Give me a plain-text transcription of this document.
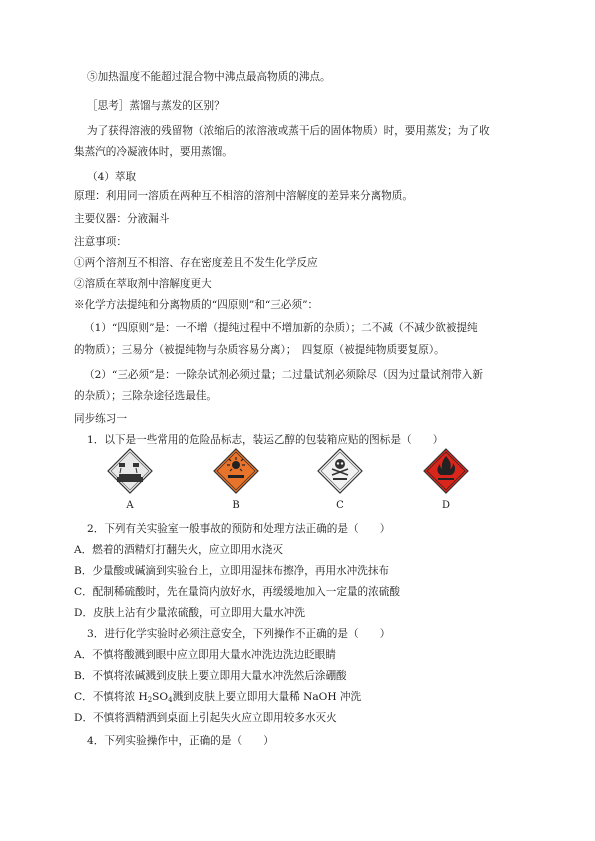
⑤加热温度不能超过混合物中沸点最高物质的沸点。
［思考］蒸馏与蒸发的区别？
为了获得溶液的残留物（浓缩后的浓溶液或蒸干后的固体物质）时，要用蒸发；为了收
集蒸汽的冷凝液体时，要用蒸馏。
（4）萃取
原理：利用同一溶质在两种互不相溶的溶剂中溶解度的差异来分离物质。
主要仪器：分液漏斗
注意事项：
①两个溶剂互不相溶、存在密度差且不发生化学反应
②溶质在萃取剂中溶解度更大
※化学方法提纯和分离物质的“四原则”和“三必须”：
（1）“四原则”是：一不增（提纯过程中不增加新的杂质）；二不减（不减少欲被提纯
的物质）；三易分（被提纯物与杂质容易分离）；　四复原（被提纯物质要复原）。
（2）“三必须”是：一除杂试剂必须过量；二过量试剂必须除尽（因为过量试剂带入新
的杂质）；三除杂途径选最佳。
同步练习一
1．以下是一些常用的危险品标志，装运乙醇的包装箱应贴的图标是（　　）
A	B	C	D
2．下列有关实验室一般事故的预防和处理方法正确的是（　　）
A．燃着的酒精灯打翻失火，应立即用水浇灭
B．少量酸或碱滴到实验台上，立即用湿抹布擦净，再用水冲洗抹布
C．配制稀硫酸时，先在量筒内放好水，再缓缓地加入一定量的浓硫酸
D．皮肤上沾有少量浓硫酸，可立即用大量水冲洗
3．进行化学实验时必须注意安全，下列操作不正确的是（　　）
A．不慎将酸溅到眼中应立即用大量水冲洗边洗边眨眼睛
B．不慎将浓碱溅到皮肤上要立即用大量水冲洗然后涂硼酸
C．不慎将浓 $H_2SO_4$溅到皮肤上要立即用大量稀 NaOH 冲洗
D．不慎将酒精洒到桌面上引起失火应立即用较多水灭火
4．下列实验操作中，正确的是（　　）
